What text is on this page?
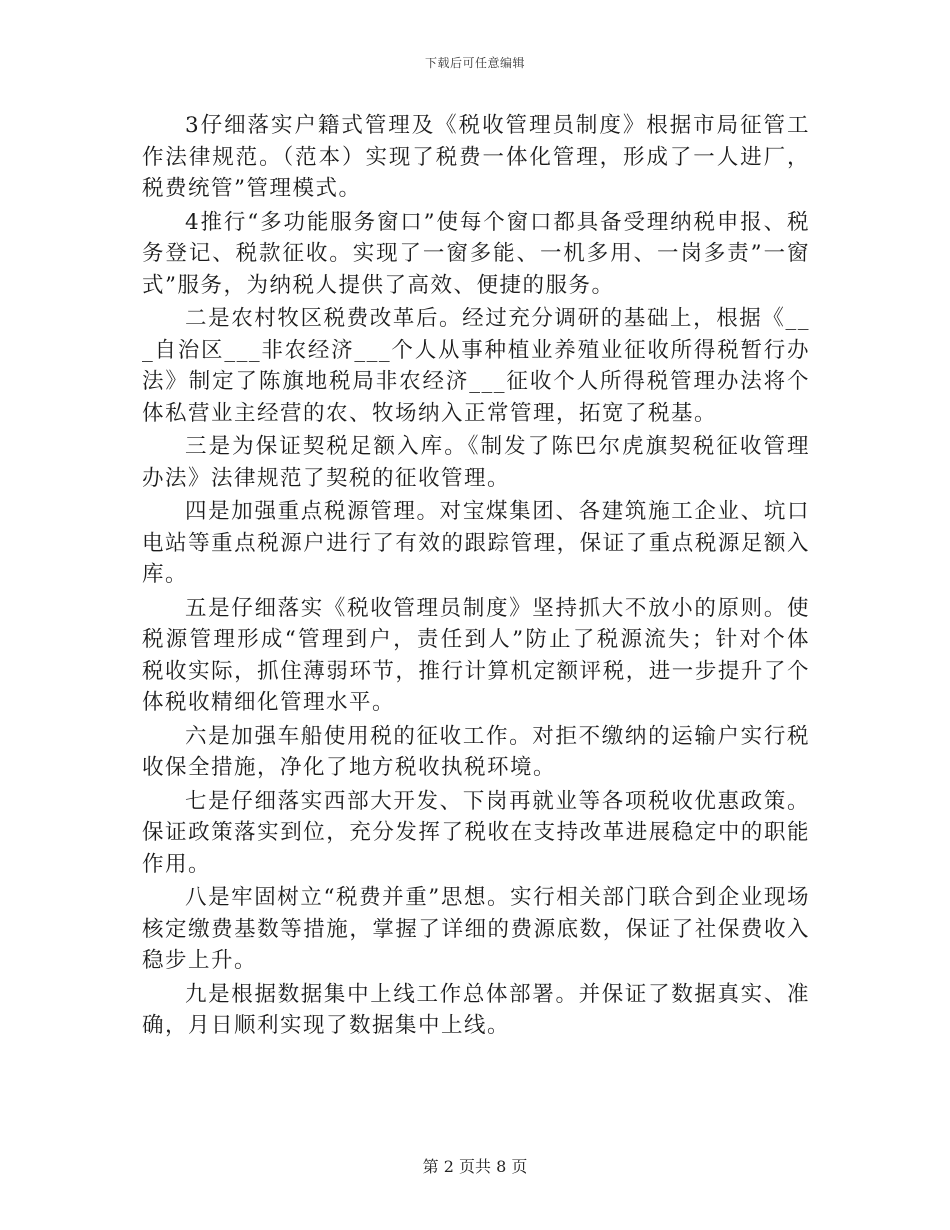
下载后可任意编辑

3仔细落实户籍式管理及《税收管理员制度》根据市局征管工作法律规范。（范本）实现了税费一体化管理，形成了一人进厂，税费统管”管理模式。

4推行“多功能服务窗口”使每个窗口都具备受理纳税申报、税务登记、税款征收。实现了一窗多能、一机多用、一岗多责”一窗式”服务，为纳税人提供了高效、便捷的服务。

二是农村牧区税费改革后。经过充分调研的基础上，根据《___自治区___非农经济___个人从事种植业养殖业征收所得税暂行办法》制定了陈旗地税局非农经济___征收个人所得税管理办法将个体私营业主经营的农、牧场纳入正常管理，拓宽了税基。

三是为保证契税足额入库。《制发了陈巴尔虎旗契税征收管理办法》法律规范了契税的征收管理。

四是加强重点税源管理。对宝煤集团、各建筑施工企业、坑口电站等重点税源户进行了有效的跟踪管理，保证了重点税源足额入库。

五是仔细落实《税收管理员制度》坚持抓大不放小的原则。使税源管理形成“管理到户，责任到人”防止了税源流失；针对个体税收实际，抓住薄弱环节，推行计算机定额评税，进一步提升了个体税收精细化管理水平。

六是加强车船使用税的征收工作。对拒不缴纳的运输户实行税收保全措施，净化了地方税收执税环境。

七是仔细落实西部大开发、下岗再就业等各项税收优惠政策。保证政策落实到位，充分发挥了税收在支持改革进展稳定中的职能作用。

八是牢固树立“税费并重”思想。实行相关部门联合到企业现场核定缴费基数等措施，掌握了详细的费源底数，保证了社保费收入稳步上升。

九是根据数据集中上线工作总体部署。并保证了数据真实、准确，月日顺利实现了数据集中上线。

第 2 页共 8 页
